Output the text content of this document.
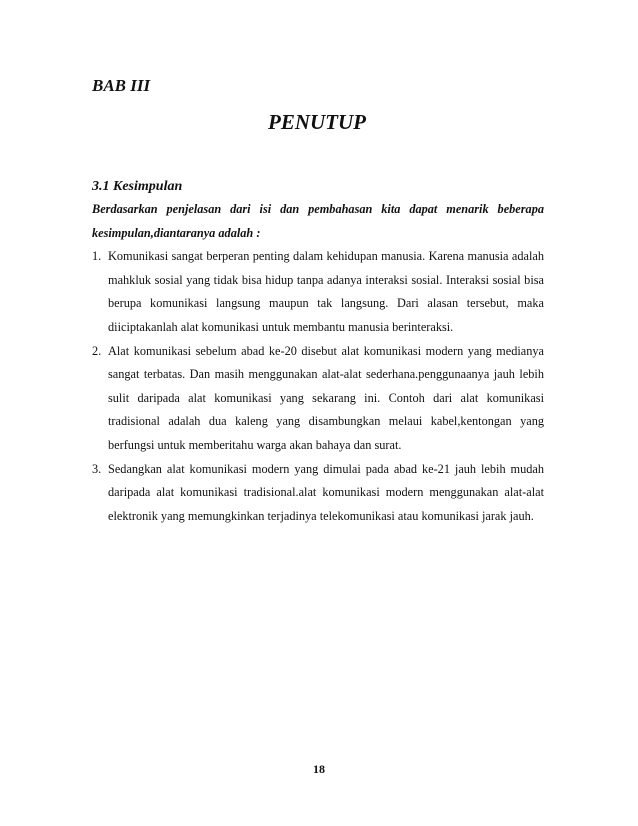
BAB III
PENUTUP
3.1 Kesimpulan

Berdasarkan penjelasan dari isi dan pembahasan kita dapat menarik beberapa kesimpulan,diantaranya adalah :

1. Komunikasi sangat berperan penting dalam kehidupan manusia. Karena manusia adalah mahkluk sosial yang tidak bisa hidup tanpa adanya interaksi sosial. Interaksi sosial bisa berupa komunikasi langsung maupun tak langsung. Dari alasan tersebut, maka diiciptakanlah alat komunikasi untuk membantu manusia berinteraksi.
2. Alat komunikasi sebelum abad ke-20 disebut alat komunikasi modern yang medianya sangat terbatas. Dan masih menggunakan alat-alat sederhana.penggunaanya jauh lebih sulit daripada alat komunikasi yang sekarang ini. Contoh dari alat komunikasi tradisional adalah dua kaleng yang disambungkan melaui kabel,kentongan yang berfungsi untuk memberitahu warga akan bahaya dan surat.
3. Sedangkan alat komunikasi modern yang dimulai pada abad ke-21 jauh lebih mudah daripada alat komunikasi tradisional.alat komunikasi modern menggunakan alat-alat elektronik yang memungkinkan terjadinya telekomunikasi atau komunikasi jarak jauh.
18
